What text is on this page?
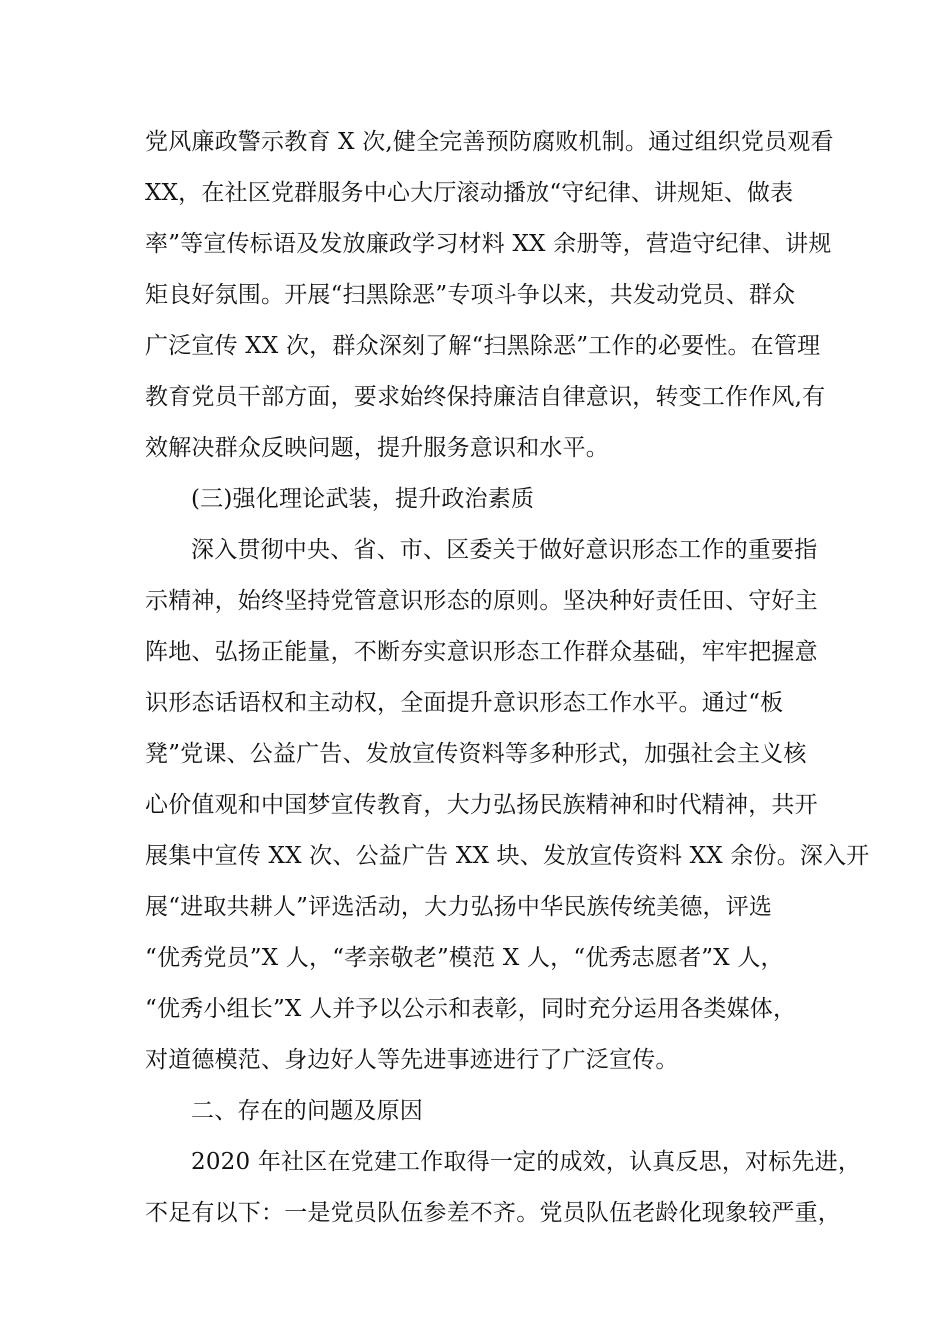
党风廉政警示教育 X 次,健全完善预防腐败机制。通过组织党员观看
XX，在社区党群服务中心大厅滚动播放“守纪律、讲规矩、做表
率”等宣传标语及发放廉政学习材料 XX 余册等，营造守纪律、讲规
矩良好氛围。开展“扫黑除恶”专项斗争以来，共发动党员、群众
广泛宣传 XX 次，群众深刻了解“扫黑除恶”工作的必要性。在管理
教育党员干部方面，要求始终保持廉洁自律意识，转变工作作风,有
效解决群众反映问题，提升服务意识和水平。
(三)强化理论武装，提升政治素质
深入贯彻中央、省、市、区委关于做好意识形态工作的重要指
示精神，始终坚持党管意识形态的原则。坚决种好责任田、守好主
阵地、弘扬正能量，不断夯实意识形态工作群众基础，牢牢把握意
识形态话语权和主动权，全面提升意识形态工作水平。通过“板
凳”党课、公益广告、发放宣传资料等多种形式，加强社会主义核
心价值观和中国梦宣传教育，大力弘扬民族精神和时代精神，共开
展集中宣传 XX 次、公益广告 XX 块、发放宣传资料 XX 余份。深入开
展“进取共耕人”评选活动，大力弘扬中华民族传统美德，评选
“优秀党员”X 人，“孝亲敬老”模范 X 人，“优秀志愿者”X 人，
“优秀小组长”X 人并予以公示和表彰，同时充分运用各类媒体，
对道德模范、身边好人等先进事迹进行了广泛宣传。
二、存在的问题及原因
2020 年社区在党建工作取得一定的成效，认真反思，对标先进，
不足有以下：一是党员队伍参差不齐。党员队伍老龄化现象较严重，
